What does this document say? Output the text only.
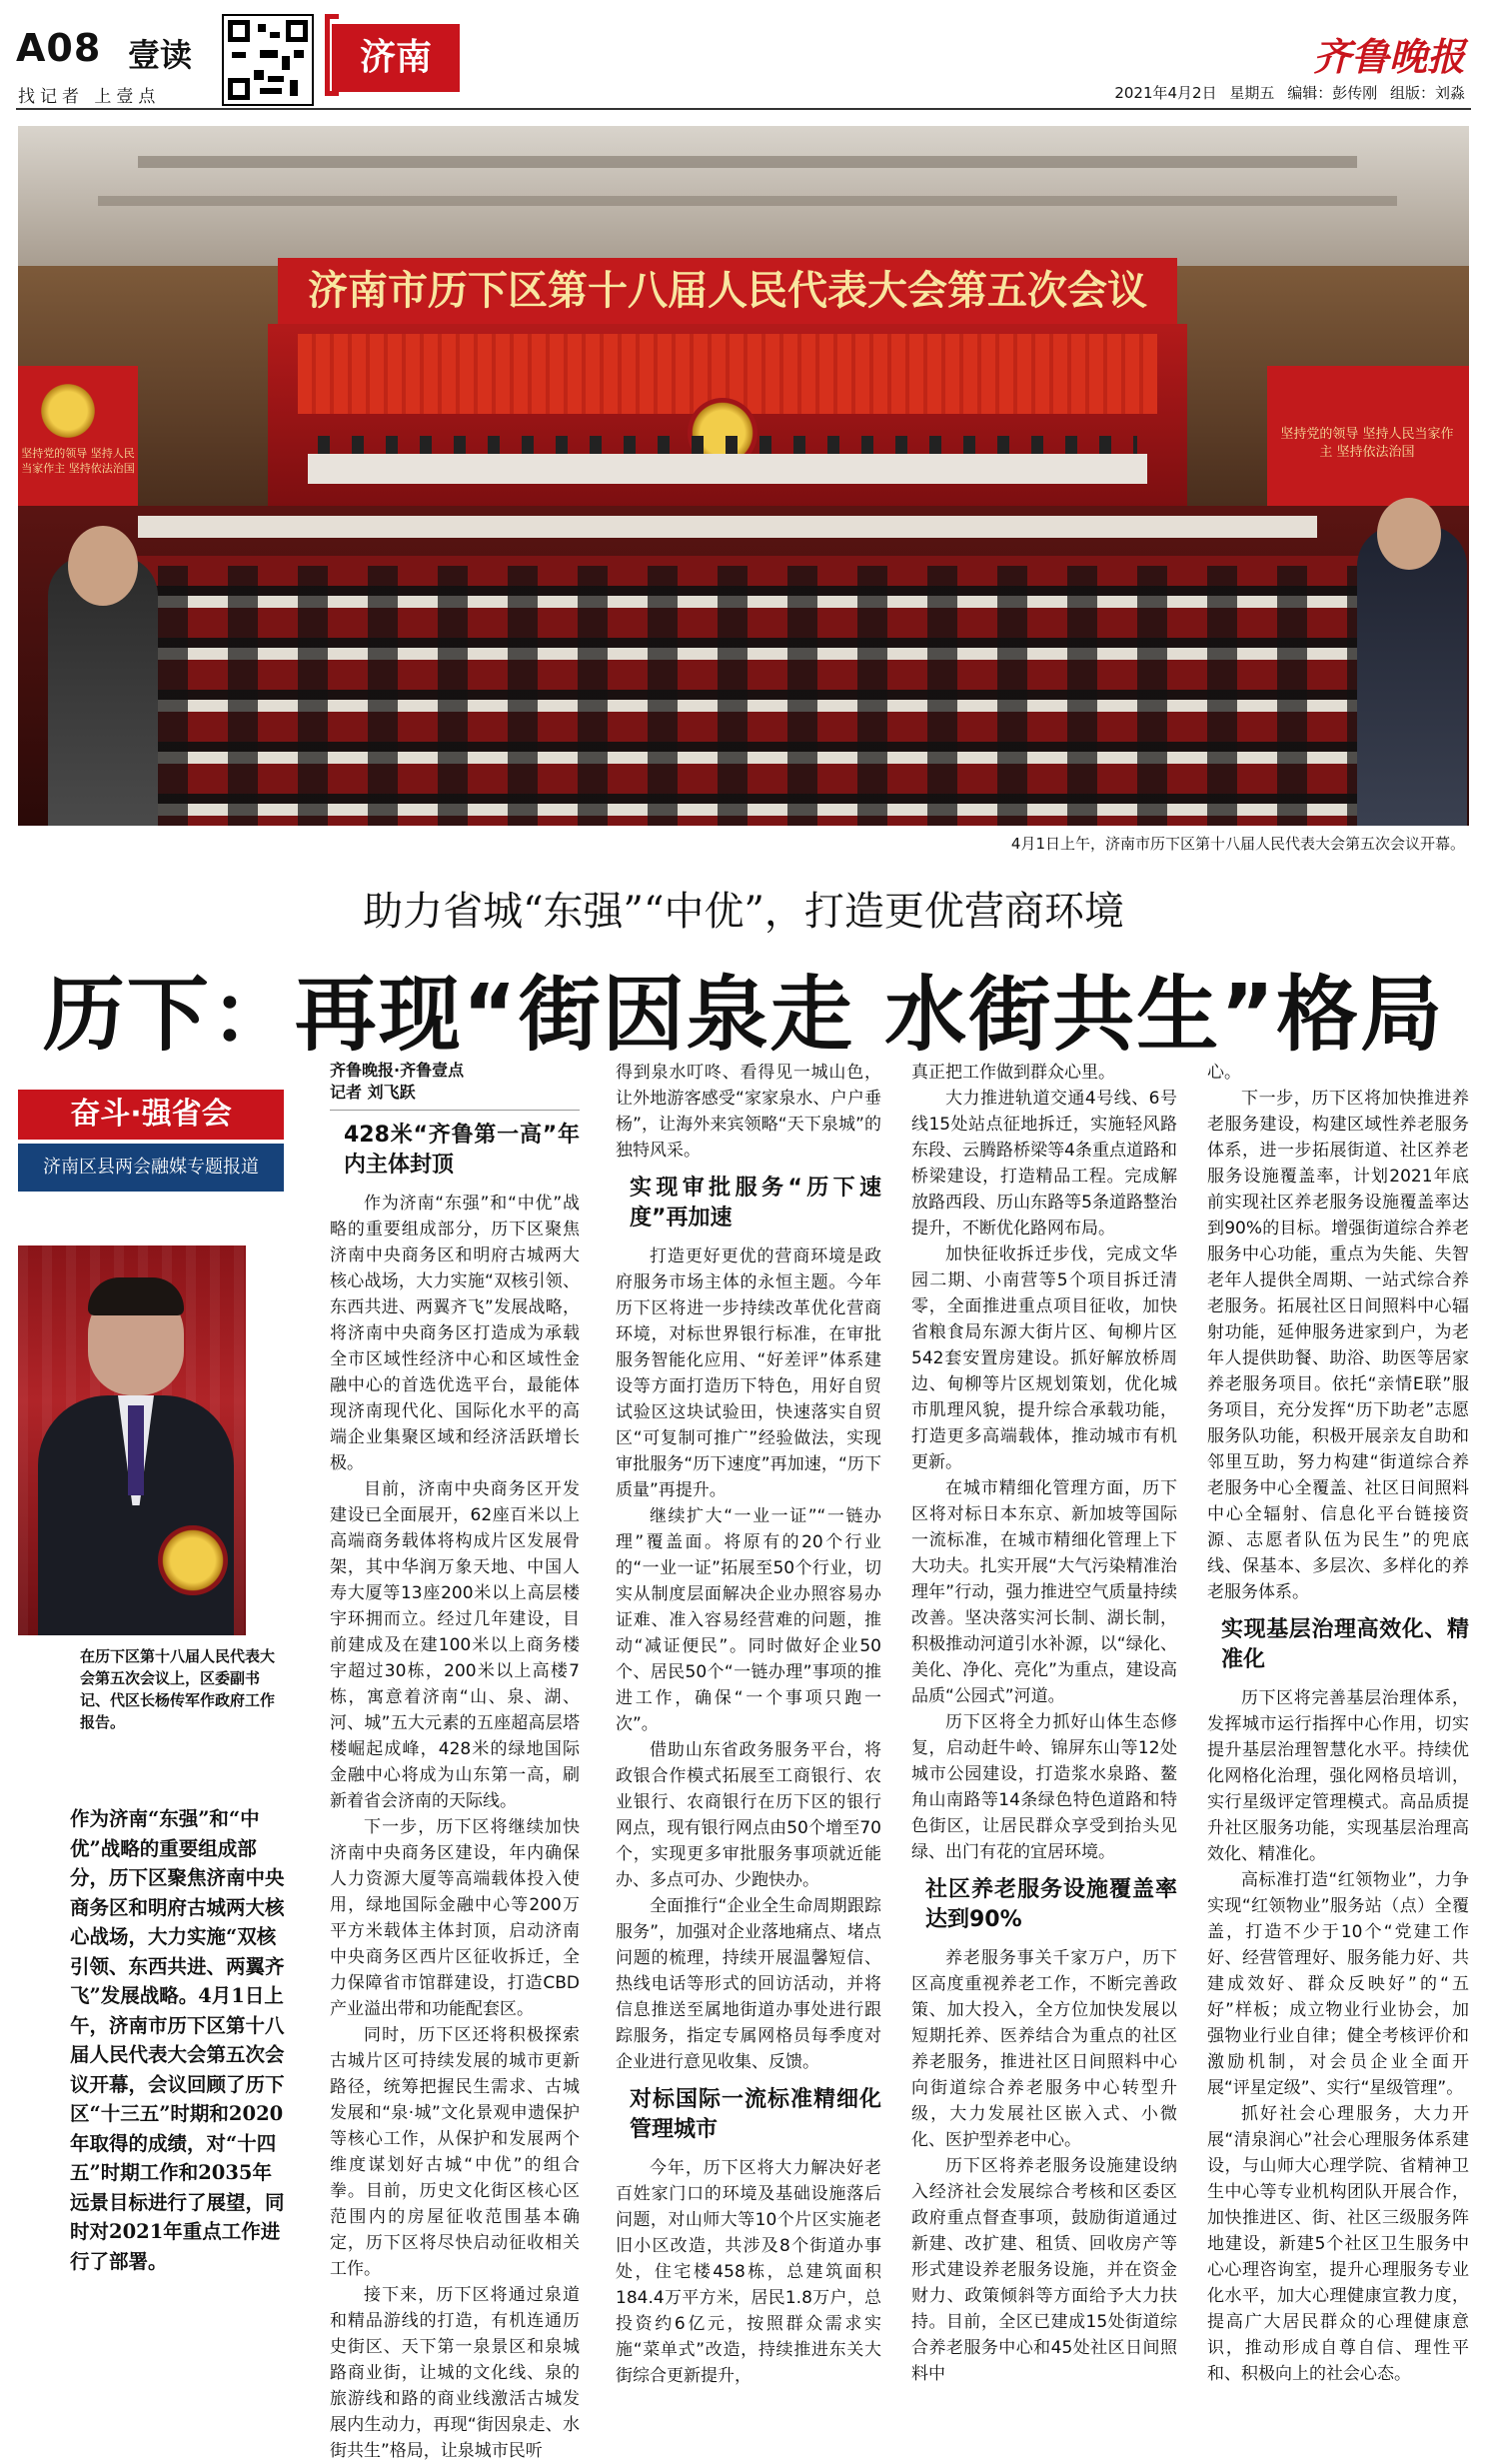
A08 壹读
找记者 上壹点
济南	齐鲁晚报
2021年4月2日 星期五 编辑：彭传刚 组版：刘淼
济南市历下区第十八届人民代表大会第五次会议
坚持党的领导 坚持人民当家作主 坚持依法治国
坚持党的领导 坚持人民当家作主 坚持依法治国
4月1日上午，济南市历下区第十八届人民代表大会第五次会议开幕。
助力省城“东强”“中优”，打造更优营商环境
历下：再现“街因泉走 水街共生”格局
奋斗·强省会
济南区县两会融媒专题报道
在历下区第十八届人民代表大会第五次会议上，区委副书记、代区长杨传军作政府工作报告。
作为济南“东强”和“中优”战略的重要组成部分，历下区聚焦济南中央商务区和明府古城两大核心战场，大力实施“双核引领、东西共进、两翼齐飞”发展战略。4月1日上午，济南市历下区第十八届人民代表大会第五次会议开幕，会议回顾了历下区“十三五”时期和2020年取得的成绩，对“十四五”时期工作和2035年远景目标进行了展望，同时对2021年重点工作进行了部署。
齐鲁晚报·齐鲁壹点
记者 刘飞跃
428米“齐鲁第一高”年内主体封顶

作为济南“东强”和“中优”战略的重要组成部分，历下区聚焦济南中央商务区和明府古城两大核心战场，大力实施“双核引领、东西共进、两翼齐飞”发展战略，将济南中央商务区打造成为承载全市区域性经济中心和区域性金融中心的首选优选平台，最能体现济南现代化、国际化水平的高端企业集聚区域和经济活跃增长极。

目前，济南中央商务区开发建设已全面展开，62座百米以上高端商务载体将构成片区发展骨架，其中华润万象天地、中国人寿大厦等13座200米以上高层楼宇环拥而立。经过几年建设，目前建成及在建100米以上商务楼宇超过30栋，200米以上高楼7栋，寓意着济南“山、泉、湖、河、城”五大元素的五座超高层塔楼崛起成峰，428米的绿地国际金融中心将成为山东第一高，刷新着省会济南的天际线。

下一步，历下区将继续加快济南中央商务区建设，年内确保人力资源大厦等高端载体投入使用，绿地国际金融中心等200万平方米载体主体封顶，启动济南中央商务区西片区征收拆迁，全力保障省市馆群建设，打造CBD产业溢出带和功能配套区。

同时，历下区还将积极探索古城片区可持续发展的城市更新路径，统筹把握民生需求、古城发展和“泉·城”文化景观申遗保护等核心工作，从保护和发展两个维度谋划好古城“中优”的组合拳。目前，历史文化街区核心区范围内的房屋征收范围基本确定，历下区将尽快启动征收相关工作。

接下来，历下区将通过泉道和精品游线的打造，有机连通历史街区、天下第一泉景区和泉城路商业街，让城的文化线、泉的旅游线和路的商业线激活古城发展内生动力，再现“街因泉走、水街共生”格局，让泉城市民听

得到泉水叮咚、看得见一城山色，让外地游客感受“家家泉水、户户垂杨”，让海外来宾领略“天下泉城”的独特风采。

实现审批服务“历下速度”再加速

打造更好更优的营商环境是政府服务市场主体的永恒主题。今年历下区将进一步持续改革优化营商环境，对标世界银行标准，在审批服务智能化应用、“好差评”体系建设等方面打造历下特色，用好自贸试验区这块试验田，快速落实自贸区“可复制可推广”经验做法，实现审批服务“历下速度”再加速，“历下质量”再提升。

继续扩大“一业一证”“一链办理”覆盖面。将原有的20个行业的“一业一证”拓展至50个行业，切实从制度层面解决企业办照容易办证难、准入容易经营难的问题，推动“减证便民”。同时做好企业50个、居民50个“一链办理”事项的推进工作，确保“一个事项只跑一次”。

借助山东省政务服务平台，将政银合作模式拓展至工商银行、农业银行、农商银行在历下区的银行网点，现有银行网点由50个增至70个，实现更多审批服务事项就近能办、多点可办、少跑快办。

全面推行“企业全生命周期跟踪服务”，加强对企业落地痛点、堵点问题的梳理，持续开展温馨短信、热线电话等形式的回访活动，并将信息推送至属地街道办事处进行跟踪服务，指定专属网格员每季度对企业进行意见收集、反馈。

对标国际一流标准精细化管理城市

今年，历下区将大力解决好老百姓家门口的环境及基础设施落后问题，对山师大等10个片区实施老旧小区改造，共涉及8个街道办事处，住宅楼458栋，总建筑面积184.4万平方米，居民1.8万户，总投资约6亿元，按照群众需求实施“菜单式”改造，持续推进东关大街综合更新提升，

真正把工作做到群众心里。

大力推进轨道交通4号线、6号线15处站点征地拆迁，实施轻风路东段、云腾路桥梁等4条重点道路和桥梁建设，打造精品工程。完成解放路西段、历山东路等5条道路整治提升，不断优化路网布局。

加快征收拆迁步伐，完成文华园二期、小南营等5个项目拆迁清零，全面推进重点项目征收，加快省粮食局东源大街片区、甸柳片区542套安置房建设。抓好解放桥周边、甸柳等片区规划策划，优化城市肌理风貌，提升综合承载功能，打造更多高端载体，推动城市有机更新。

在城市精细化管理方面，历下区将对标日本东京、新加坡等国际一流标准，在城市精细化管理上下大功夫。扎实开展“大气污染精准治理年”行动，强力推进空气质量持续改善。坚决落实河长制、湖长制，积极推动河道引水补源，以“绿化、美化、净化、亮化”为重点，建设高品质“公园式”河道。

历下区将全力抓好山体生态修复，启动赶牛岭、锦屏东山等12处城市公园建设，打造浆水泉路、鳌角山南路等14条绿色特色道路和特色街区，让居民群众享受到抬头见绿、出门有花的宜居环境。

社区养老服务设施覆盖率达到90%

养老服务事关千家万户，历下区高度重视养老工作，不断完善政策、加大投入，全方位加快发展以短期托养、医养结合为重点的社区养老服务，推进社区日间照料中心向街道综合养老服务中心转型升级，大力发展社区嵌入式、小微化、医护型养老中心。

历下区将养老服务设施建设纳入经济社会发展综合考核和区委区政府重点督查事项，鼓励街道通过新建、改扩建、租赁、回收房产等形式建设养老服务设施，并在资金财力、政策倾斜等方面给予大力扶持。目前，全区已建成15处街道综合养老服务中心和45处社区日间照料中

心。

下一步，历下区将加快推进养老服务建设，构建区域性养老服务体系，进一步拓展街道、社区养老服务设施覆盖率，计划2021年底前实现社区养老服务设施覆盖率达到90%的目标。增强街道综合养老服务中心功能，重点为失能、失智老年人提供全周期、一站式综合养老服务。拓展社区日间照料中心辐射功能，延伸服务进家到户，为老年人提供助餐、助浴、助医等居家养老服务项目。依托“亲情E联”服务项目，充分发挥“历下助老”志愿服务队功能，积极开展亲友自助和邻里互助，努力构建“街道综合养老服务中心全覆盖、社区日间照料中心全辐射、信息化平台链接资源、志愿者队伍为民生”的兜底线、保基本、多层次、多样化的养老服务体系。

实现基层治理高效化、精准化

历下区将完善基层治理体系，发挥城市运行指挥中心作用，切实提升基层治理智慧化水平。持续优化网格化治理，强化网格员培训，实行星级评定管理模式。高品质提升社区服务功能，实现基层治理高效化、精准化。

高标准打造“红领物业”，力争实现“红领物业”服务站（点）全覆盖，打造不少于10个“党建工作好、经营管理好、服务能力好、共建成效好、群众反映好”的“五好”样板；成立物业行业协会，加强物业行业自律；健全考核评价和激励机制，对会员企业全面开展“评星定级”、实行“星级管理”。

抓好社会心理服务，大力开展“清泉润心”社会心理服务体系建设，与山师大心理学院、省精神卫生中心等专业机构团队开展合作，加快推进区、街、社区三级服务阵地建设，新建5个社区卫生服务中心心理咨询室，提升心理服务专业化水平，加大心理健康宣教力度，提高广大居民群众的心理健康意识，推动形成自尊自信、理性平和、积极向上的社会心态。
